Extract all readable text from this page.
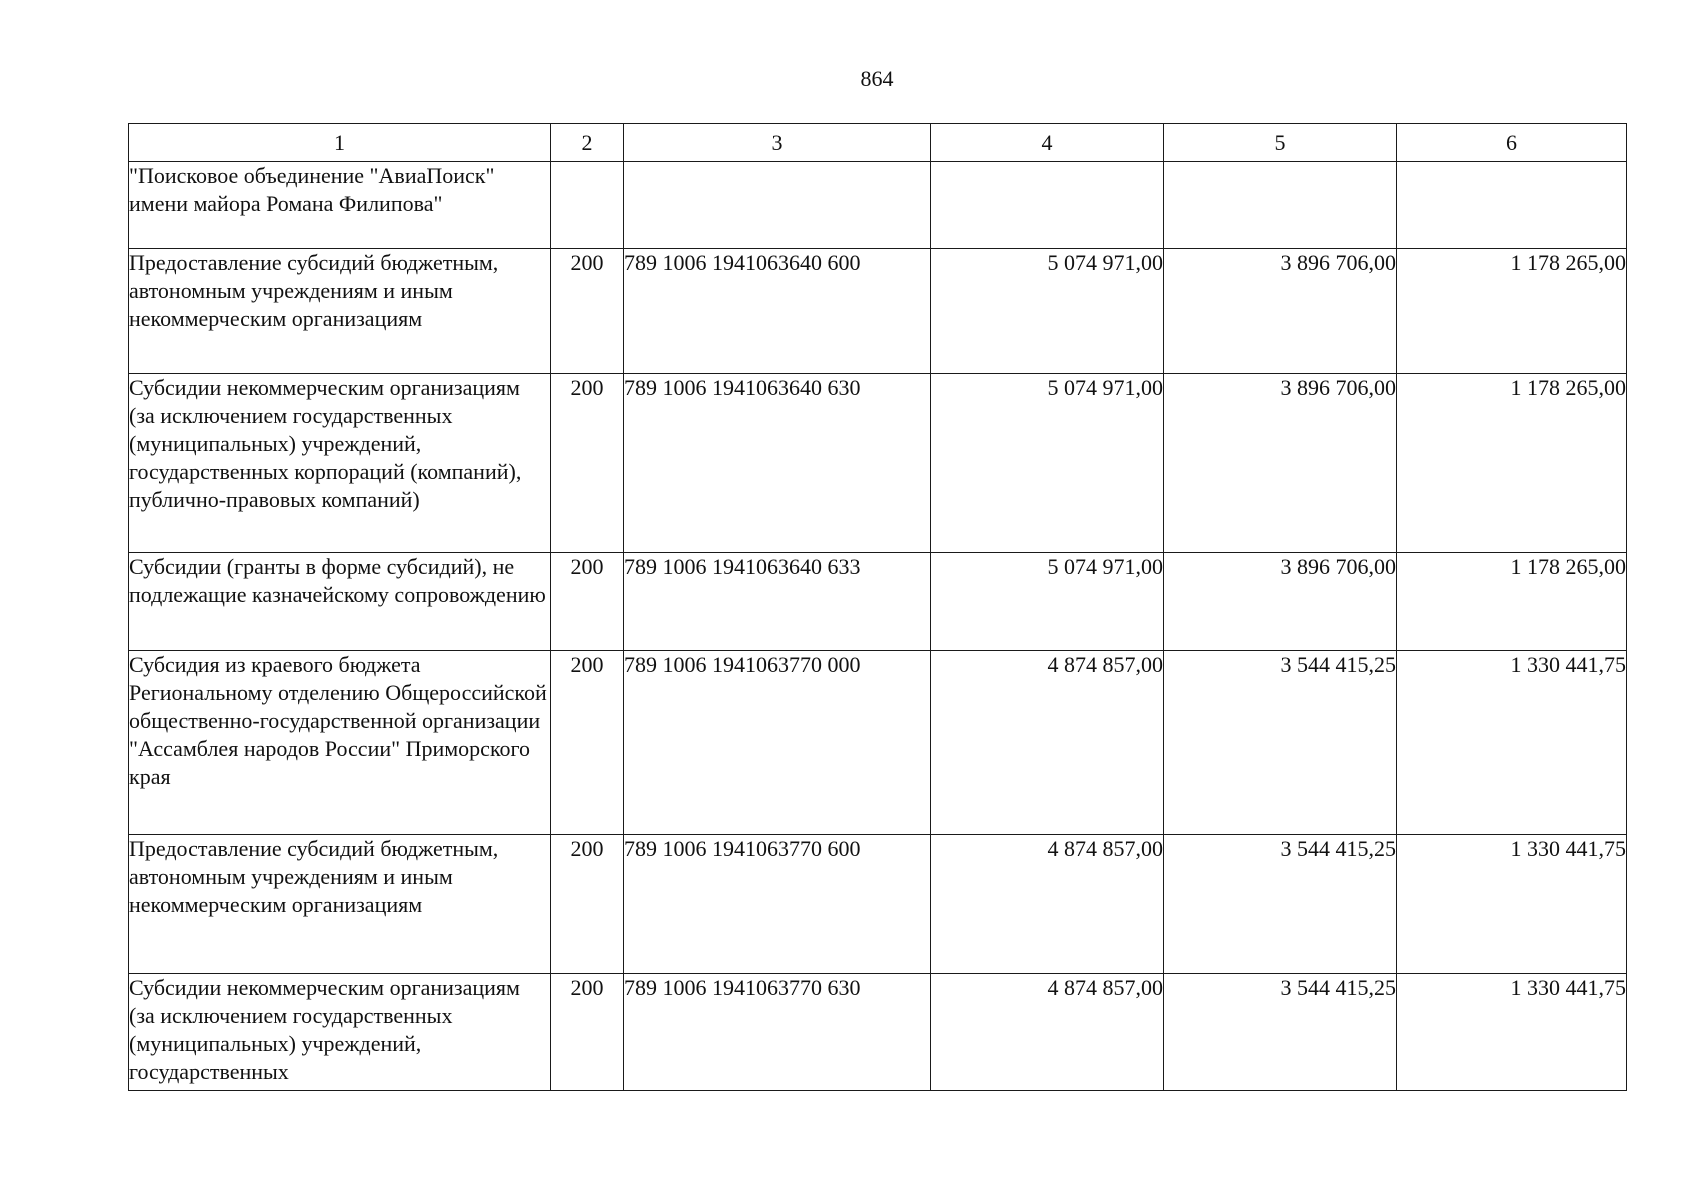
864
1	2	3	4	5	6
"Поисковое объединение "АвиаПоиск" имени майора Романа Филипова"					
Предоставление субсидий бюджетным, автономным учреждениям и иным некоммерческим организациям	200	789 1006 1941063640 600	5 074 971,00	3 896 706,00	1 178 265,00
Субсидии некоммерческим организациям (за исключением государственных (муниципальных) учреждений, государственных корпораций (компаний), публично-правовых компаний)	200	789 1006 1941063640 630	5 074 971,00	3 896 706,00	1 178 265,00
Субсидии (гранты в форме субсидий), не подлежащие казначейскому сопровождению	200	789 1006 1941063640 633	5 074 971,00	3 896 706,00	1 178 265,00
Субсидия из краевого бюджета Региональному отделению Общероссийской общественно-государственной организации "Ассамблея народов России" Приморского края	200	789 1006 1941063770 000	4 874 857,00	3 544 415,25	1 330 441,75
Предоставление субсидий бюджетным, автономным учреждениям и иным некоммерческим организациям	200	789 1006 1941063770 600	4 874 857,00	3 544 415,25	1 330 441,75
Субсидии некоммерческим организациям (за исключением государственных (муниципальных) учреждений, государственных	200	789 1006 1941063770 630	4 874 857,00	3 544 415,25	1 330 441,75
